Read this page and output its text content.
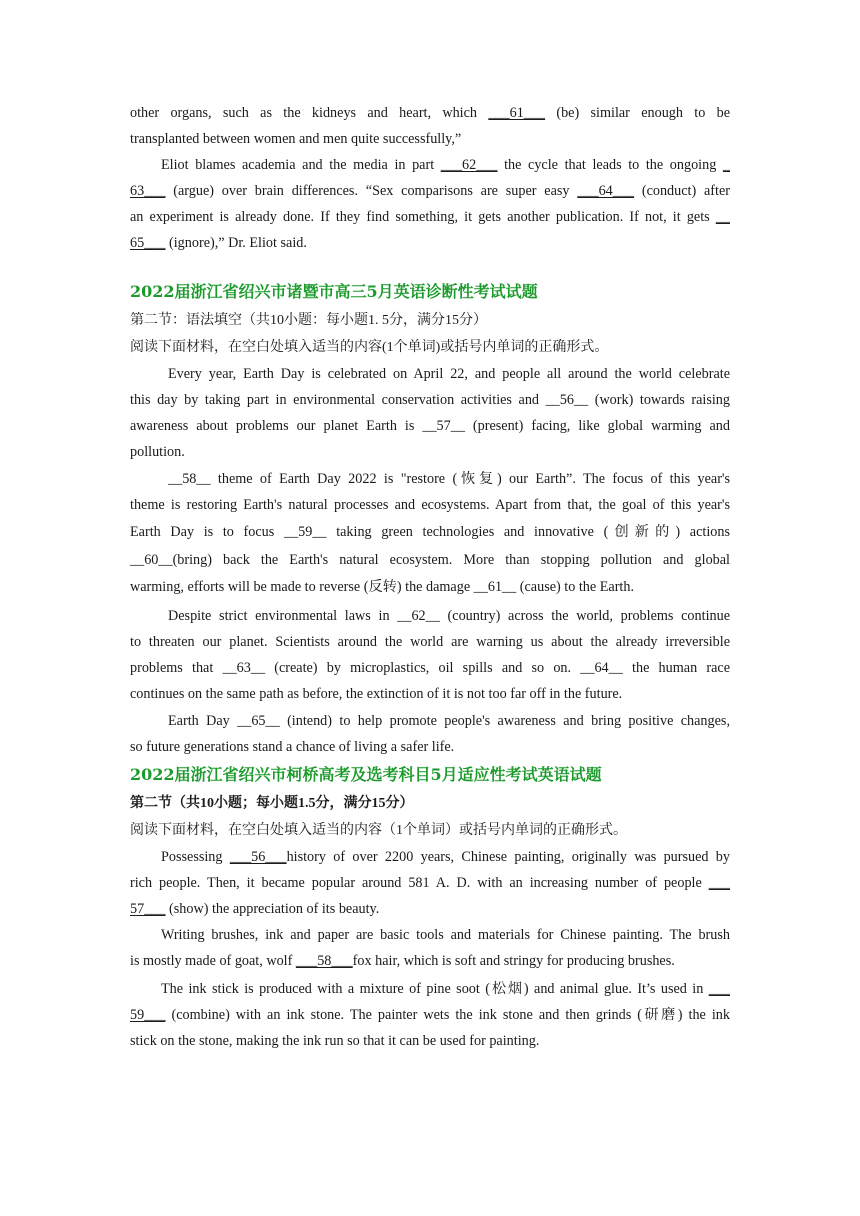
other organs, such as the kidneys and heart, which ___61___ (be) similar enough to be
transplanted between women and men quite successfully,”
Eliot blames academia and the media in part ___62___ the cycle that leads to the ongoing _
63___ (argue) over brain differences. “Sex comparisons are super easy ___64___ (conduct) after
an experiment is already done. If they find something, it gets another publication. If not, it gets __
65___ (ignore),” Dr. Eliot said.
2022届浙江省绍兴市诸暨市高三5月英语诊断性考试试题
第二节：语法填空（共10小题：每小题1. 5分，满分15分）
阅读下面材料，在空白处填入适当的内容(1个单词)或括号内单词的正确形式。
Every year, Earth Day is celebrated on April 22, and people all around the world celebrate
this day by taking part in environmental conservation activities and __56__ (work) towards raising
awareness about problems our planet Earth is __57__ (present) facing, like global warming and
pollution.
__58__ theme of Earth Day 2022 is "restore (恢复) our Earth”. The focus of this year's
theme is restoring Earth's natural processes and ecosystems. Apart from that, the goal of this year's
Earth Day is to focus __59__ taking green technologies and innovative (创新的) actions
__60__(bring) back the Earth's natural ecosystem. More than stopping pollution and global
warming, efforts will be made to reverse (反转) the damage __61__ (cause) to the Earth.
Despite strict environmental laws in __62__ (country) across the world, problems continue
to threaten our planet. Scientists around the world are warning us about the already irreversible
problems that __63__ (create) by microplastics, oil spills and so on. __64__ the human race
continues on the same path as before, the extinction of it is not too far off in the future.
Earth Day __65__ (intend) to help promote people's awareness and bring positive changes,
so future generations stand a chance of living a safer life.
2022届浙江省绍兴市柯桥高考及选考科目5月适应性考试英语试题
第二节（共10小题；每小题1.5分，满分15分）
阅读下面材料，在空白处填入适当的内容（1个单词）或括号内单词的正确形式。
Possessing ___56___history of over 2200 years, Chinese painting, originally was pursued by
rich people. Then, it became popular around 581 A. D. with an increasing number of people ___
57___ (show) the appreciation of its beauty.
Writing brushes, ink and paper are basic tools and materials for Chinese painting. The brush
is mostly made of goat, wolf ___58___fox hair, which is soft and stringy for producing brushes.
The ink stick is produced with a mixture of pine soot (松烟) and animal glue. It’s used in ___
59___ (combine) with an ink stone. The painter wets the ink stone and then grinds (研磨) the ink
stick on the stone, making the ink run so that it can be used for painting.
